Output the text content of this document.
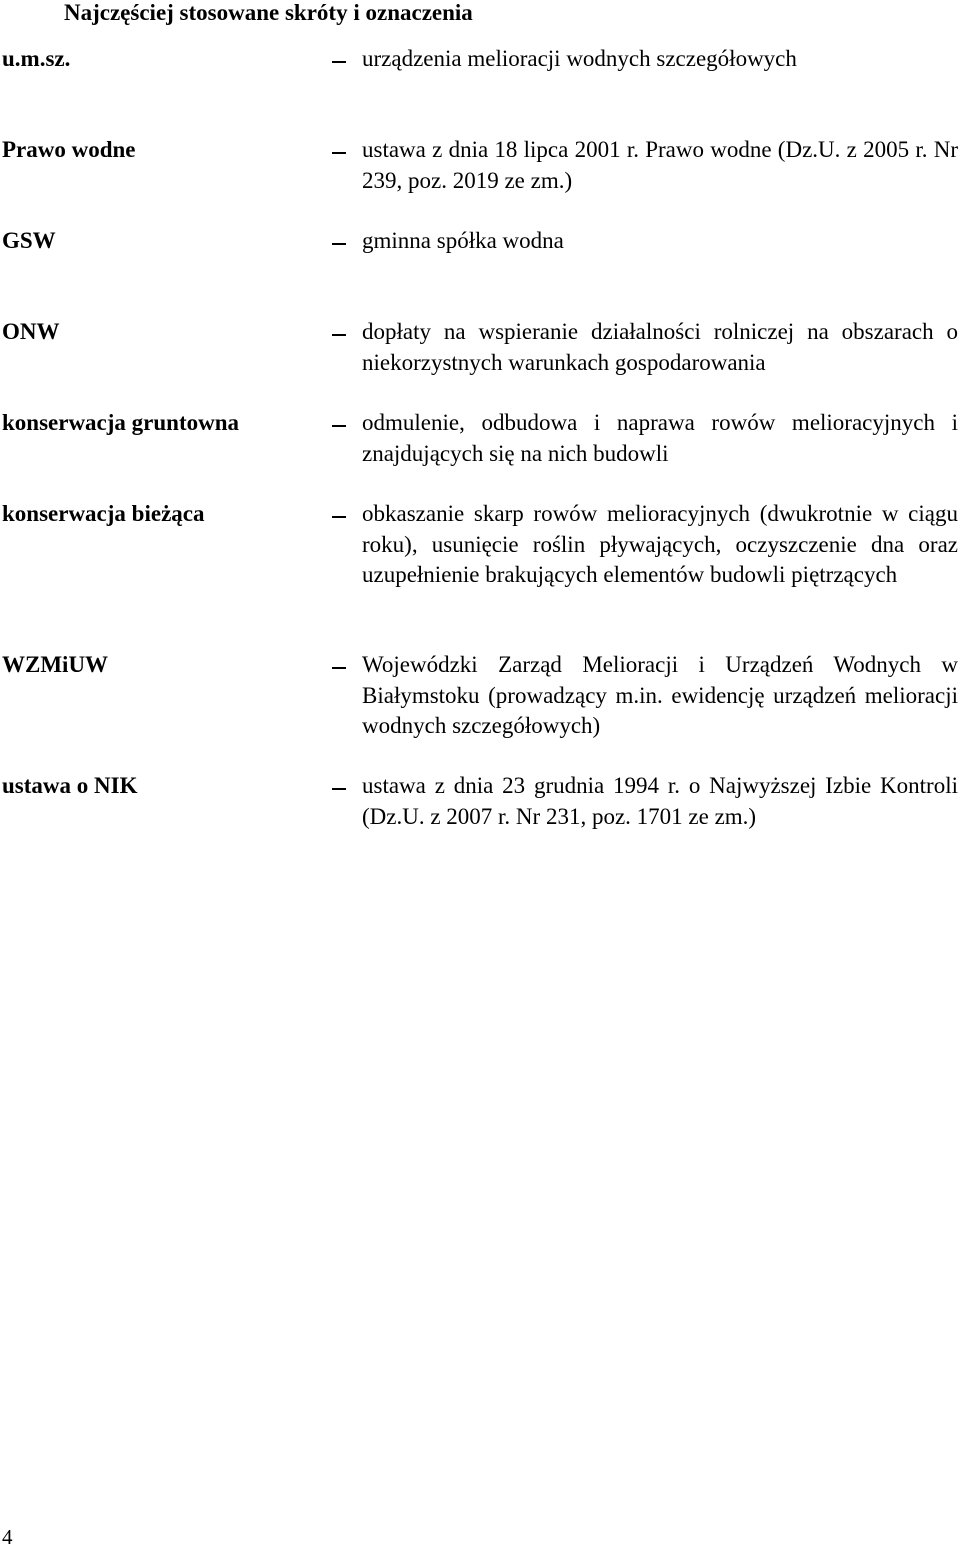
Najczęściej stosowane skróty i oznaczenia
u.m.sz.	urządzenia melioracji wodnych szczegółowych
Prawo wodne	ustawa z dnia 18 lipca 2001 r. Prawo wodne (Dz.U. z 2005 r. Nr 239, poz. 2019 ze zm.)
GSW	gminna spółka wodna
ONW	dopłaty na wspieranie działalności rolniczej na obszarach o niekorzystnych warunkach gospodarowania
konserwacja gruntowna	odmulenie, odbudowa i naprawa rowów melioracyjnych i znajdujących się na nich budowli
konserwacja bieżąca	obkaszanie skarp rowów melioracyjnych (dwukrotnie w ciągu roku), usunięcie roślin pływających, oczyszczenie dna oraz uzupełnienie brakujących elementów budowli piętrzących
WZMiUW	Wojewódzki Zarząd Melioracji i Urządzeń Wodnych w Białymstoku (prowadzący m.in. ewidencję urządzeń melioracji wodnych szczegółowych)
ustawa o NIK	ustawa z dnia 23 grudnia 1994 r. o Najwyższej Izbie Kontroli (Dz.U. z 2007 r. Nr 231, poz. 1701 ze zm.)
4
